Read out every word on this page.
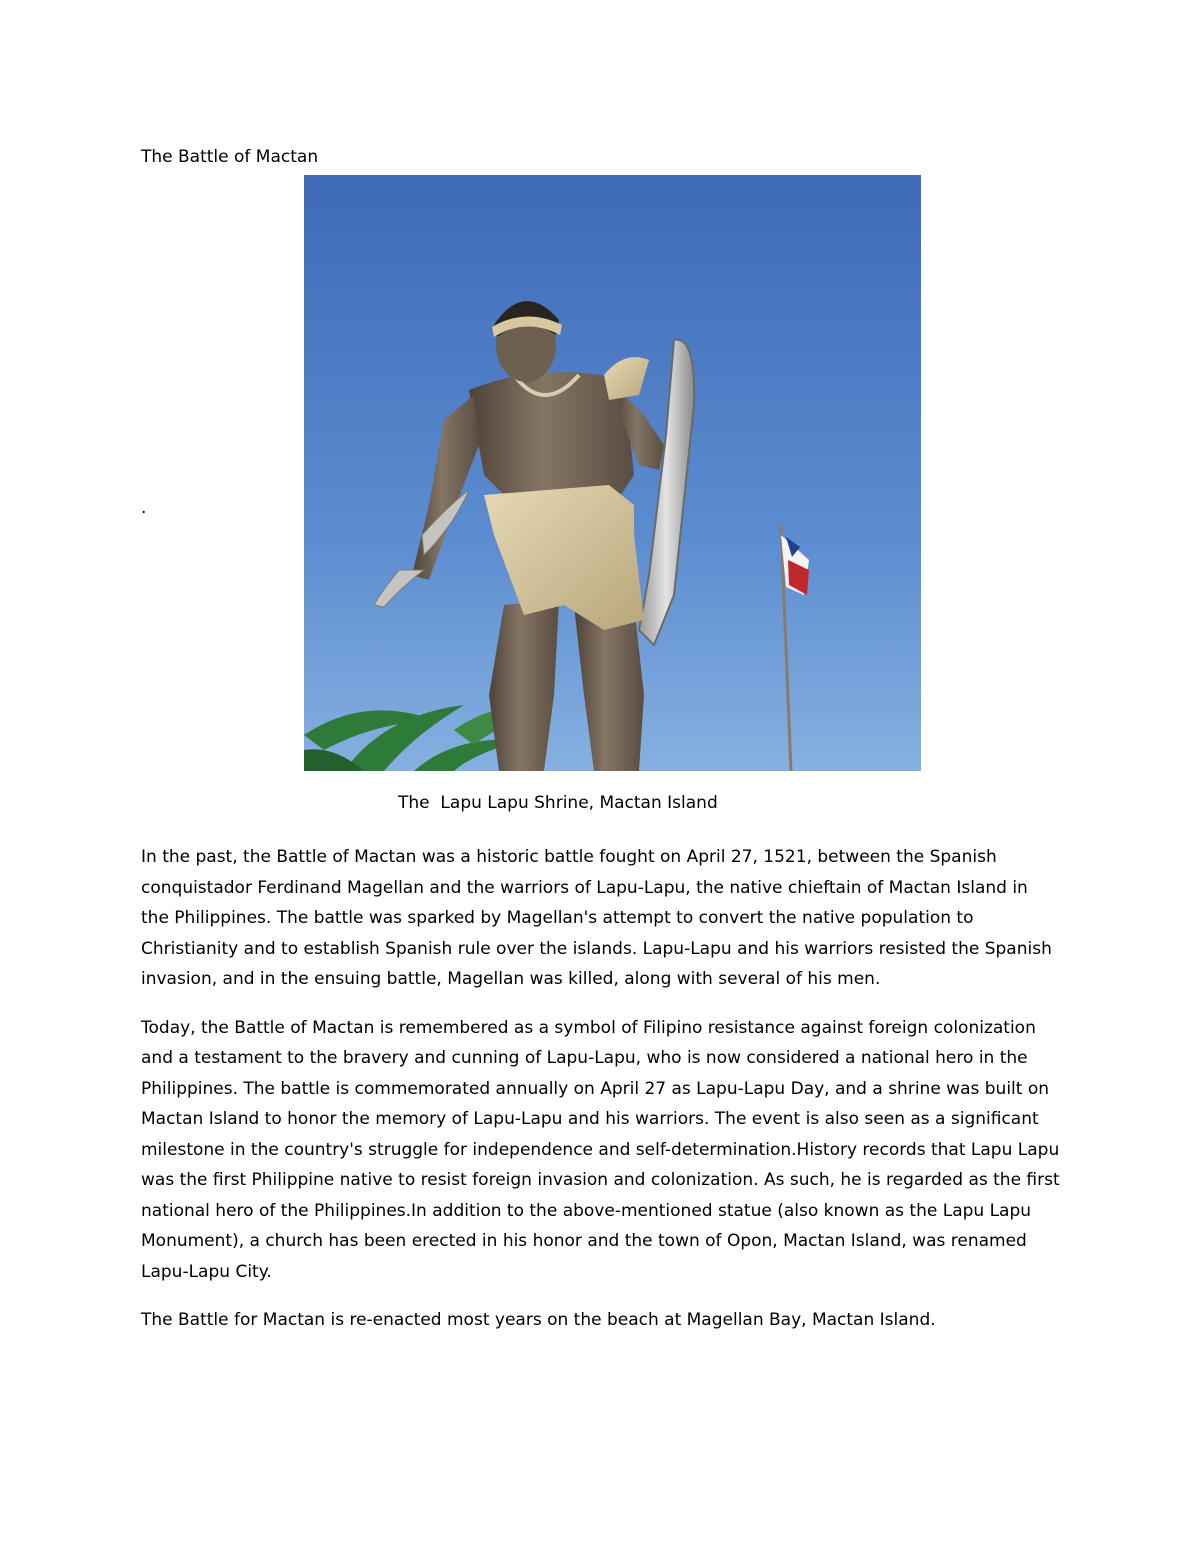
The Battle of Mactan
.
The  Lapu Lapu Shrine, Mactan Island

In the past, the Battle of Mactan was a historic battle fought on April 27, 1521, between the Spanish conquistador Ferdinand Magellan and the warriors of Lapu-Lapu, the native chieftain of Mactan Island in the Philippines. The battle was sparked by Magellan's attempt to convert the native population to Christianity and to establish Spanish rule over the islands. Lapu-Lapu and his warriors resisted the Spanish invasion, and in the ensuing battle, Magellan was killed, along with several of his men.

Today, the Battle of Mactan is remembered as a symbol of Filipino resistance against foreign colonization and a testament to the bravery and cunning of Lapu-Lapu, who is now considered a national hero in the Philippines. The battle is commemorated annually on April 27 as Lapu-Lapu Day, and a shrine was built on Mactan Island to honor the memory of Lapu-Lapu and his warriors. The event is also seen as a significant milestone in the country's struggle for independence and self-determination.History records that Lapu Lapu was the first Philippine native to resist foreign invasion and colonization. As such, he is regarded as the first national hero of the Philippines.In addition to the above-mentioned statue (also known as the Lapu Lapu Monument), a church has been erected in his honor and the town of Opon, Mactan Island, was renamed Lapu-Lapu City.

The Battle for Mactan is re-enacted most years on the beach at Magellan Bay, Mactan Island.
